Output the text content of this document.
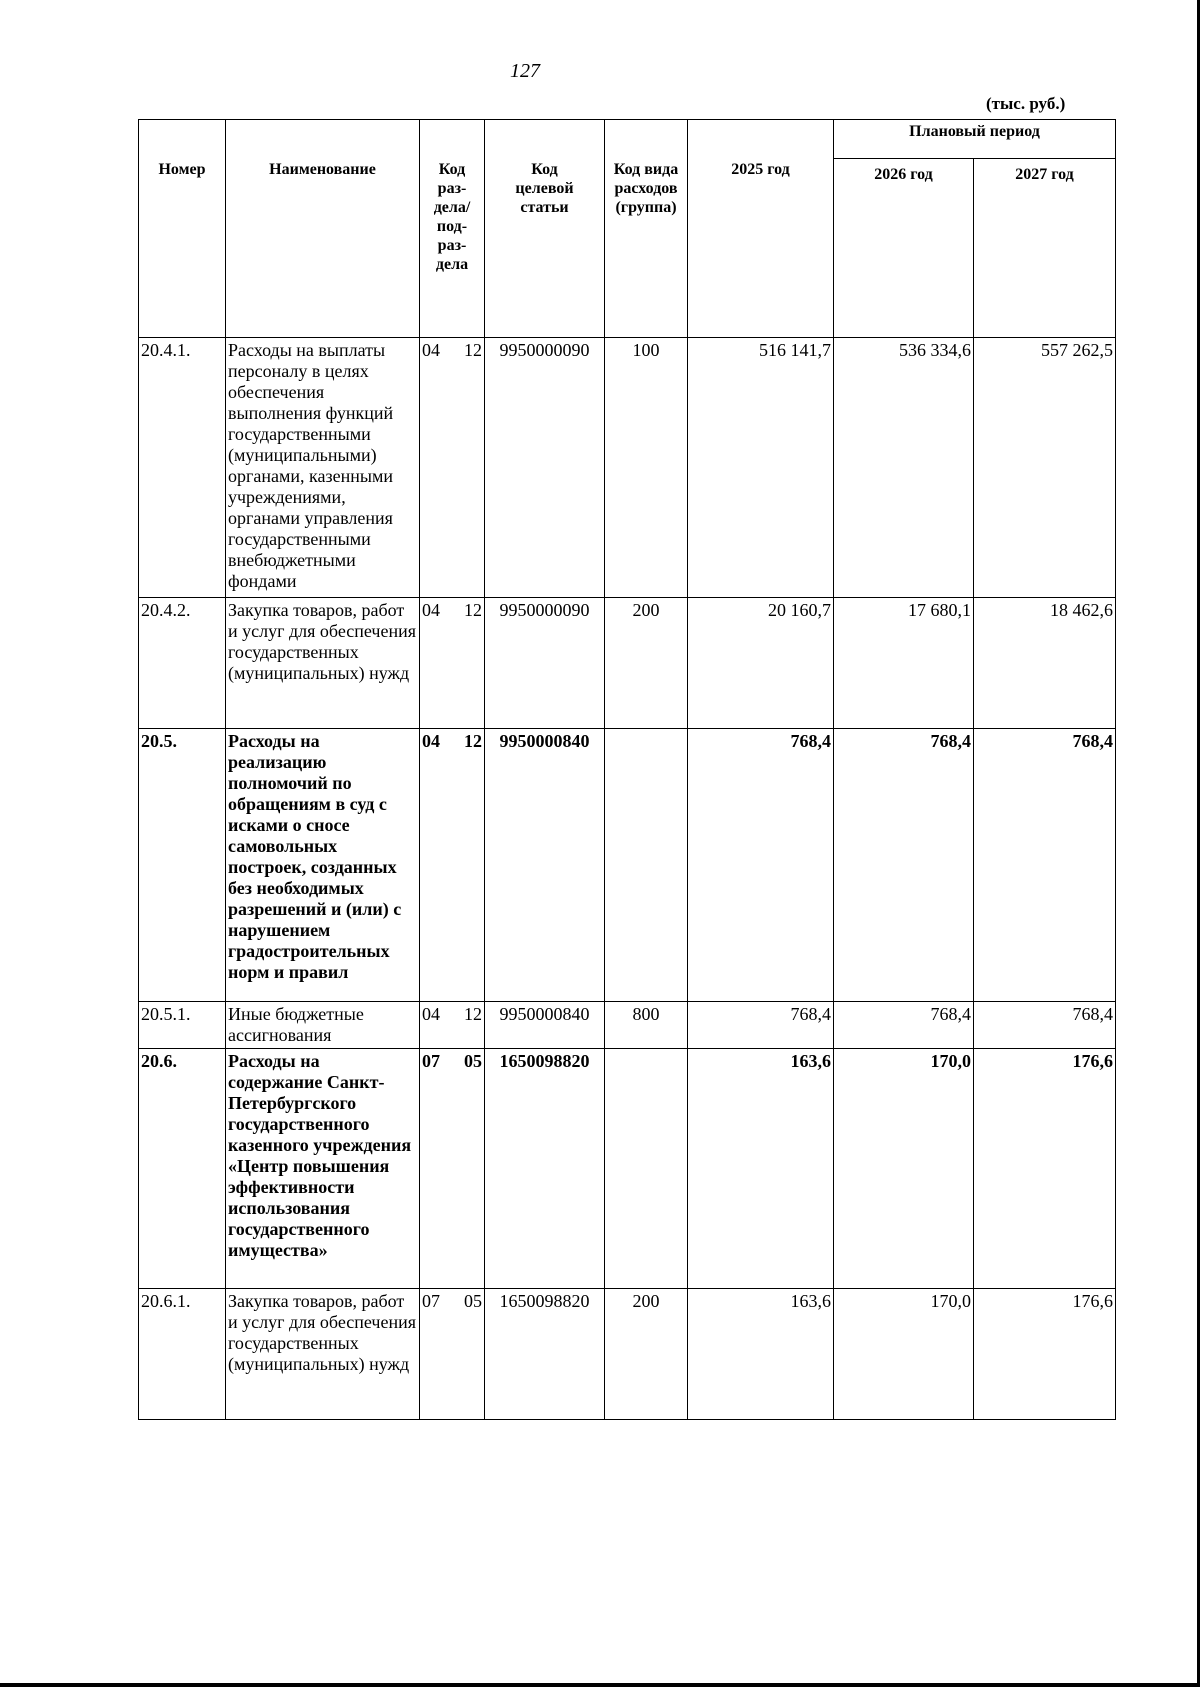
127
(тыс. руб.)
Номер	Наименование	Код раз-дела/ под-раз-дела	Код целевой статьи	Код вида расходов (группа)	2025 год	Плановый период	
						2026 год	2027 год
20.4.1.	Расходы на выплаты персоналу в целях обеспечения выполнения функций государственными (муниципальными) органами, казенными учреждениями, органами управления государственными внебюджетными фондами	04 12	9950000090	100	516 141,7	536 334,6	557 262,5
20.4.2.	Закупка товаров, работ и услуг для обеспечения государственных (муниципальных) нужд	04 12	9950000090	200	20 160,7	17 680,1	18 462,6
20.5.	Расходы на реализацию полномочий по обращениям в суд с исками о сносе самовольных построек, созданных без необходимых разрешений и (или) с нарушением градостроительных норм и правил	04 12	9950000840		768,4	768,4	768,4
20.5.1.	Иные бюджетные ассигнования	04 12	9950000840	800	768,4	768,4	768,4
20.6.	Расходы на содержание Санкт-Петербургского государственного казенного учреждения «Центр повышения эффективности использования государственного имущества»	07 05	1650098820		163,6	170,0	176,6
20.6.1.	Закупка товаров, работ и услуг для обеспечения государственных (муниципальных) нужд	07 05	1650098820	200	163,6	170,0	176,6
